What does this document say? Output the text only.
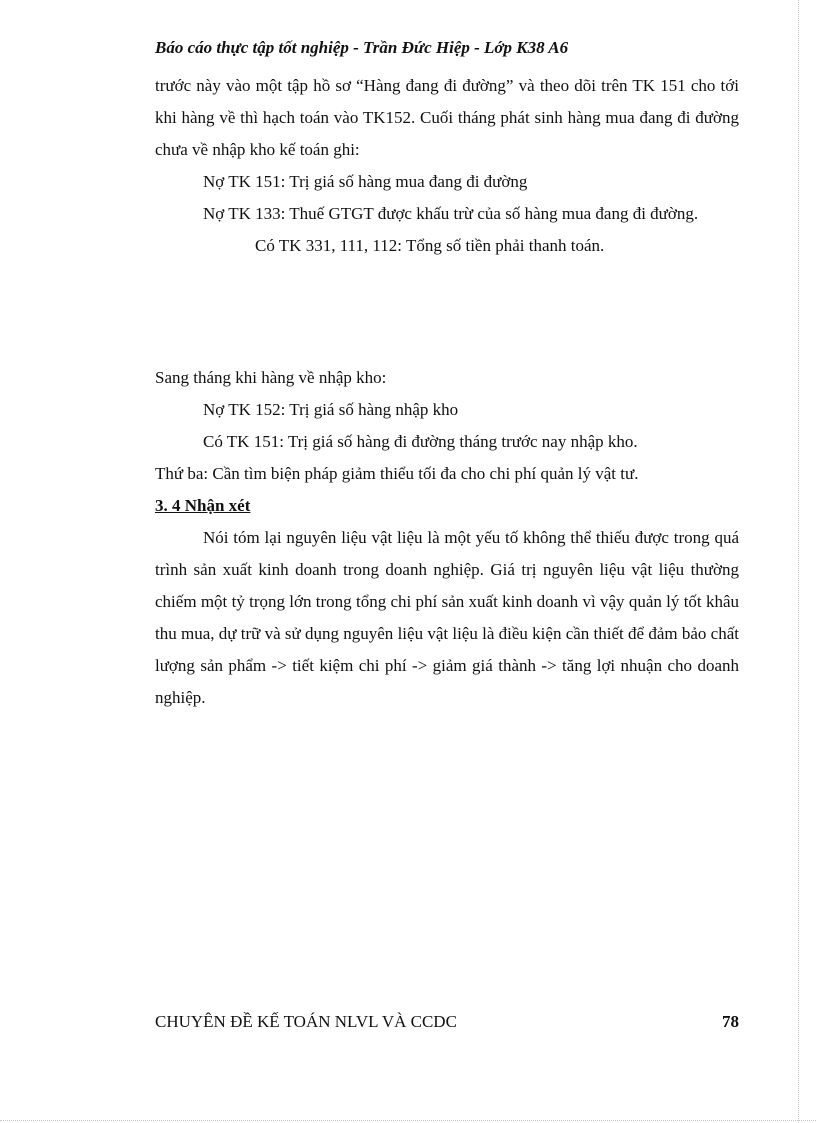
Báo cáo thực tập tốt nghiệp - Trần Đức Hiệp - Lớp K38 A6

trước này vào một tập hồ sơ “Hàng đang đi đường” và theo dõi trên TK 151 cho tới khi hàng về thì hạch toán vào TK152. Cuối tháng phát sinh hàng mua đang đi đường chưa về nhập kho kế toán ghi:

Nợ TK 151: Trị giá số hàng mua đang đi đường

Nợ TK 133: Thuế GTGT được khấu trừ của số hàng mua đang đi đường.

Có TK 331, 111, 112: Tổng số tiền phải thanh toán.

Sang tháng khi hàng về nhập kho:

Nợ TK 152: Trị giá số hàng nhập kho

Có TK 151: Trị giá số hàng đi đường tháng trước nay nhập kho.

Thứ ba: Cần tìm biện pháp giảm thiểu tối đa cho chi phí quản lý vật tư.

3. 4 Nhận xét

Nói tóm lại nguyên liệu vật liệu là một yếu tố không thể thiếu được trong quá trình sản xuất kinh doanh trong doanh nghiệp. Giá trị nguyên liệu vật liệu thường chiếm một tỷ trọng lớn trong tổng chi phí sản xuất kinh doanh vì vậy quản lý tốt khâu thu mua, dự trữ và sử dụng nguyên liệu vật liệu là điều kiện cần thiết để đảm bảo chất lượng sản phẩm -> tiết kiệm chi phí -> giảm giá thành -> tăng lợi nhuận cho doanh nghiệp.

CHUYÊN ĐỀ KẾ TOÁN NLVL VÀ CCDC	78
